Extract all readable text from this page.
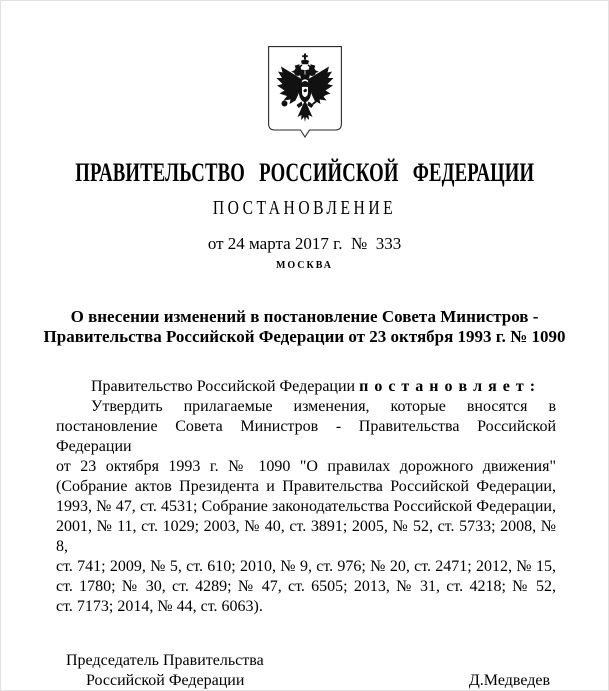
ПРАВИТЕЛЬСТВО РОССИЙСКОЙ ФЕДЕРАЦИИ
ПОСТАНОВЛЕНИЕ
от 24 марта 2017 г.  №  333
МОСКВА
О внесении изменений в постановление Совета Министров -
Правительства Российской Федерации от 23 октября 1993 г. № 1090
Правительство Российской Федерации п о с т а н о в л я е т :
Утвердить прилагаемые изменения, которые вносятся в
постановление Совета Министров - Правительства Российской Федерации
от 23 октября 1993 г. № 1090 "О правилах дорожного движения"
(Собрание актов Президента и Правительства Российской Федерации,
1993, № 47, ст. 4531; Собрание законодательства Российской Федерации,
2001, № 11, ст. 1029; 2003, № 40, ст. 3891; 2005, № 52, ст. 5733; 2008, № 8,
ст. 741; 2009, № 5, ст. 610; 2010, № 9, ст. 976; № 20, ст. 2471; 2012, № 15,
ст. 1780; № 30, ст. 4289; № 47, ст. 6505; 2013, № 31, ст. 4218; № 52,
ст. 7173; 2014, № 44, ст. 6063).
Председатель Правительства
Российской Федерации	Д.Медведев
